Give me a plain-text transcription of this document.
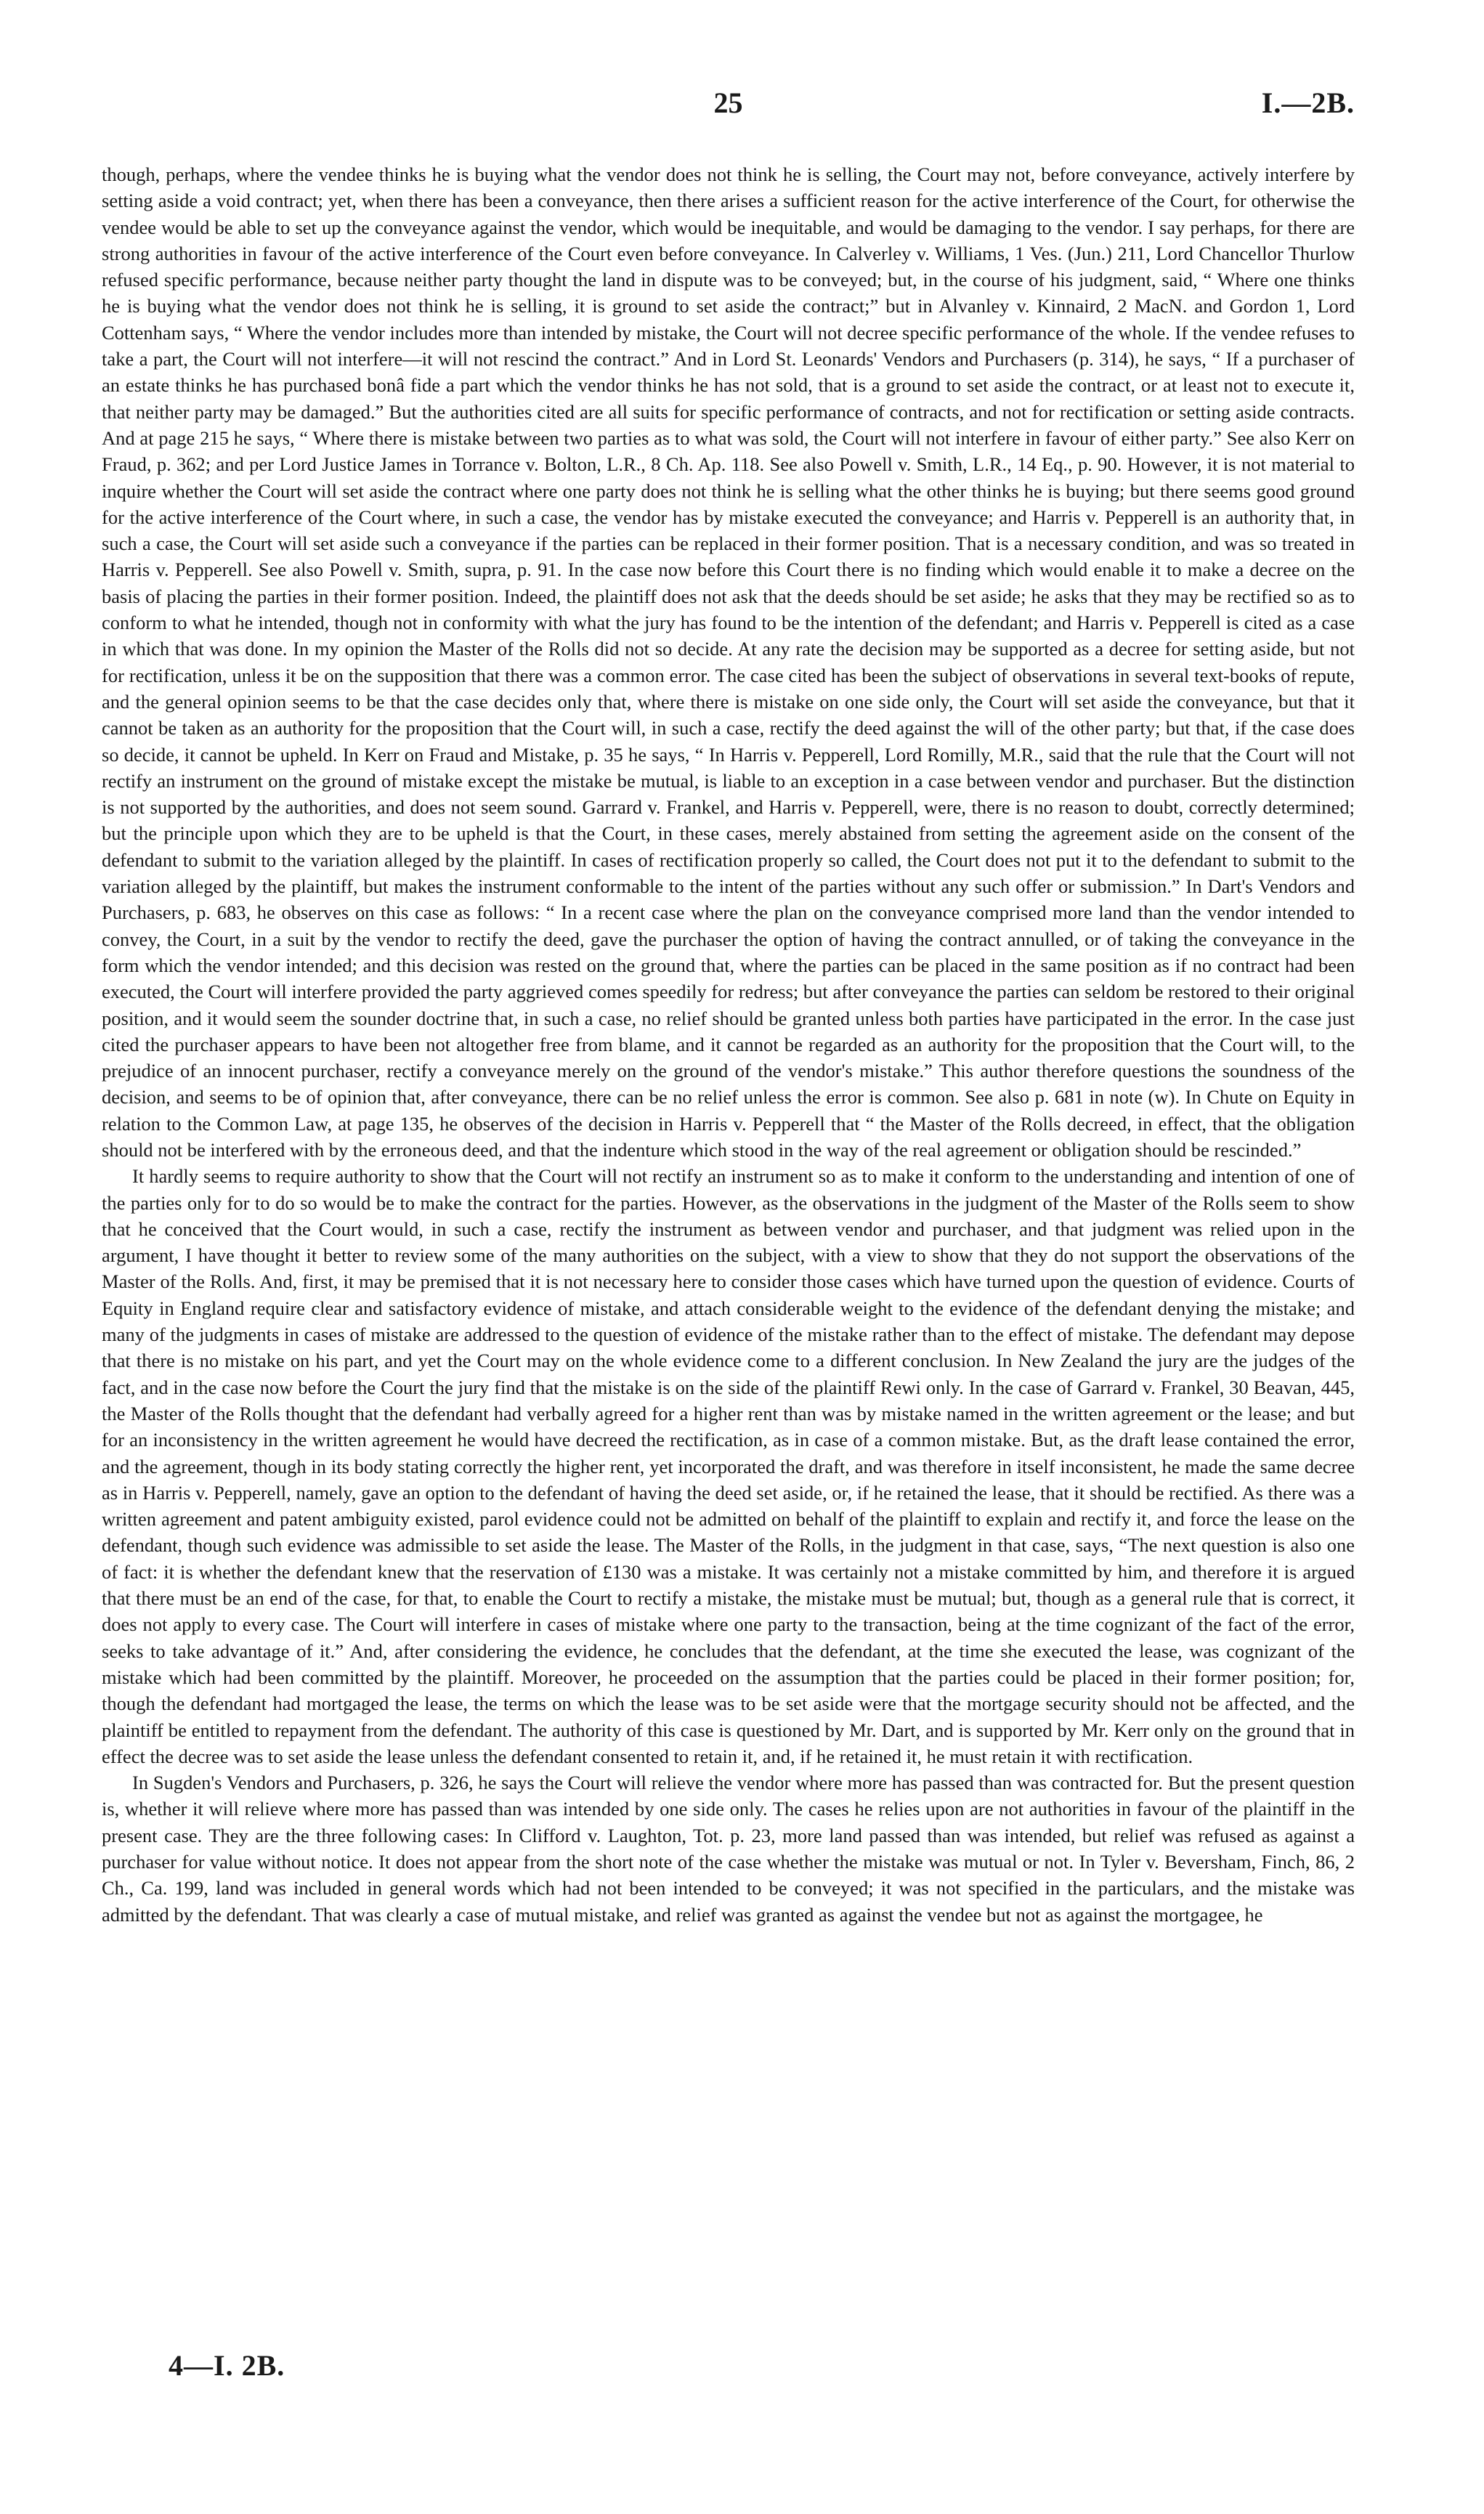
25	I.—2B.

though, perhaps, where the vendee thinks he is buying what the vendor does not think he is selling, the Court may not, before conveyance, actively interfere by setting aside a void contract; yet, when there has been a conveyance, then there arises a sufficient reason for the active interference of the Court, for otherwise the vendee would be able to set up the conveyance against the vendor, which would be inequitable, and would be damaging to the vendor. I say perhaps, for there are strong authorities in favour of the active interference of the Court even before conveyance. In Calverley v. Williams, 1 Ves. (Jun.) 211, Lord Chancellor Thurlow refused specific performance, because neither party thought the land in dispute was to be conveyed; but, in the course of his judgment, said, “ Where one thinks he is buying what the vendor does not think he is selling, it is ground to set aside the contract;” but in Alvanley v. Kinnaird, 2 MacN. and Gordon 1, Lord Cottenham says, “ Where the vendor includes more than intended by mistake, the Court will not decree specific performance of the whole. If the vendee refuses to take a part, the Court will not interfere—it will not rescind the contract.” And in Lord St. Leonards' Vendors and Purchasers (p. 314), he says, “ If a purchaser of an estate thinks he has purchased bonâ fide a part which the vendor thinks he has not sold, that is a ground to set aside the contract, or at least not to execute it, that neither party may be damaged.” But the authorities cited are all suits for specific performance of contracts, and not for rectification or setting aside contracts. And at page 215 he says, “ Where there is mistake between two parties as to what was sold, the Court will not interfere in favour of either party.” See also Kerr on Fraud, p. 362; and per Lord Justice James in Torrance v. Bolton, L.R., 8 Ch. Ap. 118. See also Powell v. Smith, L.R., 14 Eq., p. 90. However, it is not material to inquire whether the Court will set aside the contract where one party does not think he is selling what the other thinks he is buying; but there seems good ground for the active interference of the Court where, in such a case, the vendor has by mistake executed the conveyance; and Harris v. Pepperell is an authority that, in such a case, the Court will set aside such a conveyance if the parties can be replaced in their former position. That is a necessary condition, and was so treated in Harris v. Pepperell. See also Powell v. Smith, supra, p. 91. In the case now before this Court there is no finding which would enable it to make a decree on the basis of placing the parties in their former position. Indeed, the plaintiff does not ask that the deeds should be set aside; he asks that they may be rectified so as to conform to what he intended, though not in conformity with what the jury has found to be the intention of the defendant; and Harris v. Pepperell is cited as a case in which that was done. In my opinion the Master of the Rolls did not so decide. At any rate the decision may be supported as a decree for setting aside, but not for rectification, unless it be on the supposition that there was a common error. The case cited has been the subject of observations in several text-books of repute, and the general opinion seems to be that the case decides only that, where there is mistake on one side only, the Court will set aside the conveyance, but that it cannot be taken as an authority for the proposition that the Court will, in such a case, rectify the deed against the will of the other party; but that, if the case does so decide, it cannot be upheld. In Kerr on Fraud and Mistake, p. 35 he says, “ In Harris v. Pepperell, Lord Romilly, M.R., said that the rule that the Court will not rectify an instrument on the ground of mistake except the mistake be mutual, is liable to an exception in a case between vendor and purchaser. But the distinction is not supported by the authorities, and does not seem sound. Garrard v. Frankel, and Harris v. Pepperell, were, there is no reason to doubt, correctly determined; but the principle upon which they are to be upheld is that the Court, in these cases, merely abstained from setting the agreement aside on the consent of the defendant to submit to the variation alleged by the plaintiff. In cases of rectification properly so called, the Court does not put it to the defendant to submit to the variation alleged by the plaintiff, but makes the instrument conformable to the intent of the parties without any such offer or submission.” In Dart's Vendors and Purchasers, p. 683, he observes on this case as follows: “ In a recent case where the plan on the conveyance comprised more land than the vendor intended to convey, the Court, in a suit by the vendor to rectify the deed, gave the purchaser the option of having the contract annulled, or of taking the conveyance in the form which the vendor intended; and this decision was rested on the ground that, where the parties can be placed in the same position as if no contract had been executed, the Court will interfere provided the party aggrieved comes speedily for redress; but after conveyance the parties can seldom be restored to their original position, and it would seem the sounder doctrine that, in such a case, no relief should be granted unless both parties have participated in the error. In the case just cited the purchaser appears to have been not altogether free from blame, and it cannot be regarded as an authority for the proposition that the Court will, to the prejudice of an innocent purchaser, rectify a conveyance merely on the ground of the vendor's mistake.” This author therefore questions the soundness of the decision, and seems to be of opinion that, after conveyance, there can be no relief unless the error is common. See also p. 681 in note (w). In Chute on Equity in relation to the Common Law, at page 135, he observes of the decision in Harris v. Pepperell that “ the Master of the Rolls decreed, in effect, that the obligation should not be interfered with by the erroneous deed, and that the indenture which stood in the way of the real agreement or obligation should be rescinded.”

It hardly seems to require authority to show that the Court will not rectify an instrument so as to make it conform to the understanding and intention of one of the parties only for to do so would be to make the contract for the parties. However, as the observations in the judgment of the Master of the Rolls seem to show that he conceived that the Court would, in such a case, rectify the instrument as between vendor and purchaser, and that judgment was relied upon in the argument, I have thought it better to review some of the many authorities on the subject, with a view to show that they do not support the observations of the Master of the Rolls. And, first, it may be premised that it is not necessary here to consider those cases which have turned upon the question of evidence. Courts of Equity in England require clear and satisfactory evidence of mistake, and attach considerable weight to the evidence of the defendant denying the mistake; and many of the judgments in cases of mistake are addressed to the question of evidence of the mistake rather than to the effect of mistake. The defendant may depose that there is no mistake on his part, and yet the Court may on the whole evidence come to a different conclusion. In New Zealand the jury are the judges of the fact, and in the case now before the Court the jury find that the mistake is on the side of the plaintiff Rewi only. In the case of Garrard v. Frankel, 30 Beavan, 445, the Master of the Rolls thought that the defendant had verbally agreed for a higher rent than was by mistake named in the written agreement or the lease; and but for an inconsistency in the written agreement he would have decreed the rectification, as in case of a common mistake. But, as the draft lease contained the error, and the agreement, though in its body stating correctly the higher rent, yet incorporated the draft, and was therefore in itself inconsistent, he made the same decree as in Harris v. Pepperell, namely, gave an option to the defendant of having the deed set aside, or, if he retained the lease, that it should be rectified. As there was a written agreement and patent ambiguity existed, parol evidence could not be admitted on behalf of the plaintiff to explain and rectify it, and force the lease on the defendant, though such evidence was admissible to set aside the lease. The Master of the Rolls, in the judgment in that case, says, “The next question is also one of fact: it is whether the defendant knew that the reservation of £130 was a mistake. It was certainly not a mistake committed by him, and therefore it is argued that there must be an end of the case, for that, to enable the Court to rectify a mistake, the mistake must be mutual; but, though as a general rule that is correct, it does not apply to every case. The Court will interfere in cases of mistake where one party to the transaction, being at the time cognizant of the fact of the error, seeks to take advantage of it.” And, after considering the evidence, he concludes that the defendant, at the time she executed the lease, was cognizant of the mistake which had been committed by the plaintiff. Moreover, he proceeded on the assumption that the parties could be placed in their former position; for, though the defendant had mortgaged the lease, the terms on which the lease was to be set aside were that the mortgage security should not be affected, and the plaintiff be entitled to repayment from the defendant. The authority of this case is questioned by Mr. Dart, and is supported by Mr. Kerr only on the ground that in effect the decree was to set aside the lease unless the defendant consented to retain it, and, if he retained it, he must retain it with rectification.

In Sugden's Vendors and Purchasers, p. 326, he says the Court will relieve the vendor where more has passed than was contracted for. But the present question is, whether it will relieve where more has passed than was intended by one side only. The cases he relies upon are not authorities in favour of the plaintiff in the present case. They are the three following cases: In Clifford v. Laughton, Tot. p. 23, more land passed than was intended, but relief was refused as against a purchaser for value without notice. It does not appear from the short note of the case whether the mistake was mutual or not. In Tyler v. Beversham, Finch, 86, 2 Ch., Ca. 199, land was included in general words which had not been intended to be conveyed; it was not specified in the particulars, and the mistake was admitted by the defendant. That was clearly a case of mutual mistake, and relief was granted as against the vendee but not as against the mortgagee, he

4—I. 2B.
